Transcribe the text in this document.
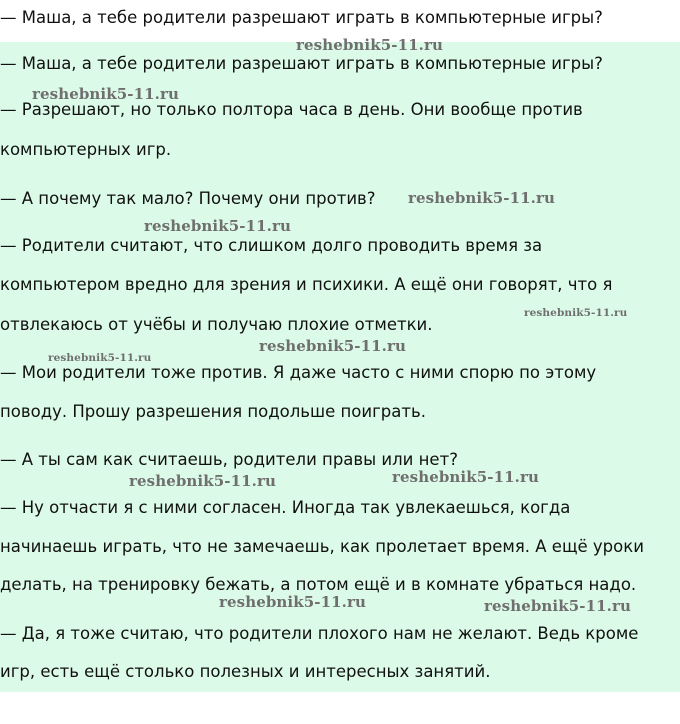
— Маша, а тебе родители разрешают играть в компьютерные игры?
— Маша, а тебе родители разрешают играть в компьютерные игры?
— Разрешают, но только полтора часа в день. Они вообще против
компьютерных игр.
— А почему так мало? Почему они против?
— Родители считают, что слишком долго проводить время за
компьютером вредно для зрения и психики. А ещё они говорят, что я
отвлекаюсь от учёбы и получаю плохие отметки.
— Мои родители тоже против. Я даже часто с ними спорю по этому
поводу. Прошу разрешения подольше поиграть.
— А ты сам как считаешь, родители правы или нет?
— Ну отчасти я с ними согласен. Иногда так увлекаешься, когда
начинаешь играть, что не замечаешь, как пролетает время. А ещё уроки
делать, на тренировку бежать, а потом ещё и в комнате убраться надо.
— Да, я тоже считаю, что родители плохого нам не желают. Ведь кроме
игр, есть ещё столько полезных и интересных занятий.
reshebnik5-11.ru
reshebnik5-11.ru
reshebnik5-11.ru
reshebnik5-11.ru
reshebnik5-11.ru
reshebnik5-11.ru
reshebnik5-11.ru
reshebnik5-11.ru
reshebnik5-11.ru
reshebnik5-11.ru	reshebnik5-11.ru
